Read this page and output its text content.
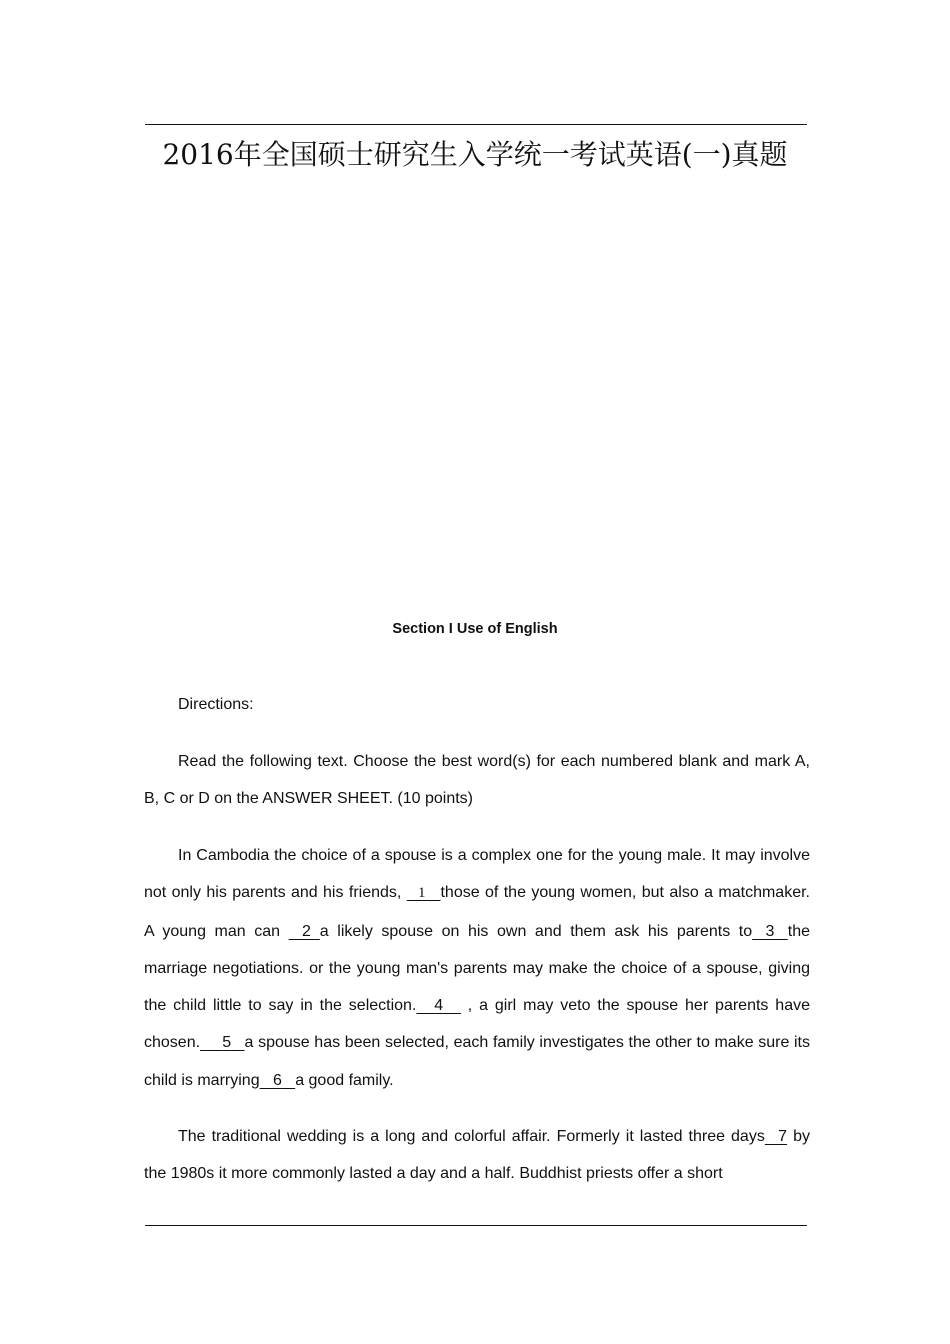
2016年全国硕士研究生入学统一考试英语(一)真题
Section I Use of English

Directions:

Read the following text. Choose the best word(s) for each numbered blank and mark A, B, C or D on the ANSWER SHEET. (10 points)

In Cambodia the choice of a spouse is a complex one for the young male. It may involve not only his parents and his friends,    1 those of the young women, but also a matchmaker. A young man can    2 a likely spouse on his own and them ask his parents to 3 the marriage negotiations. or the young man's parents may make the choice of a spouse, giving the child little to say in the selection. 4     , a girl may veto the spouse her parents have chosen. 5 a spouse has been selected, each family investigates the other to make sure its child is marrying 6 a good family.

The traditional wedding is a long and colorful affair. Formerly it lasted three days 7 by the 1980s it more commonly lasted a day and a half. Buddhist priests offer a short
